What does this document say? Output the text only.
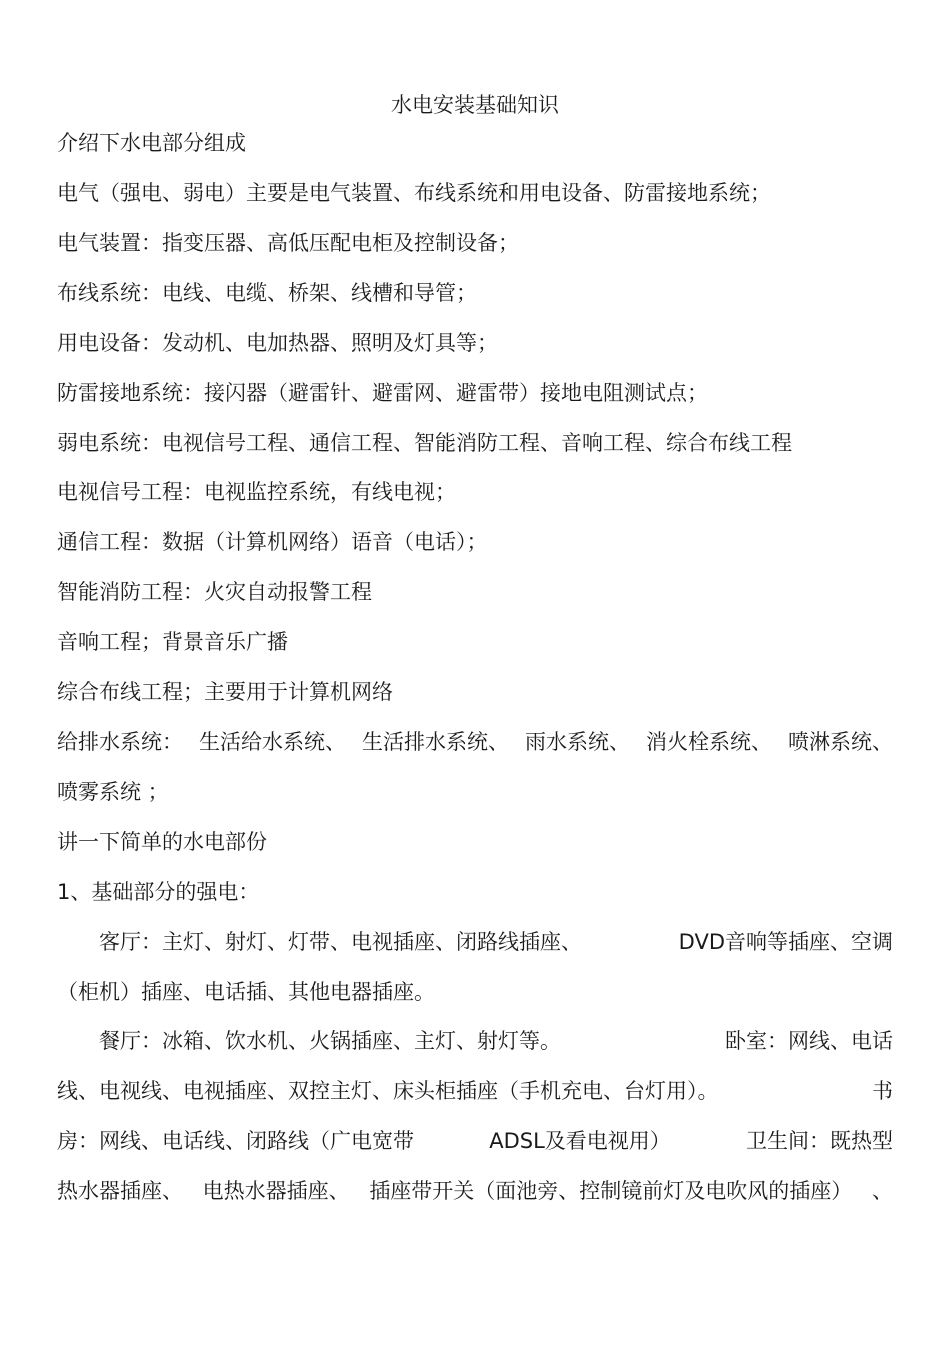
水电安装基础知识
介绍下水电部分组成
电气（强电、弱电）主要是电气装置、布线系统和用电设备、防雷接地系统；
电气装置：指变压器、高低压配电柜及控制设备；
布线系统：电线、电缆、桥架、线槽和导管；
用电设备：发动机、电加热器、照明及灯具等；
防雷接地系统：接闪器（避雷针、避雷网、避雷带）接地电阻测试点；
弱电系统：电视信号工程、通信工程、智能消防工程、音响工程、综合布线工程
电视信号工程：电视监控系统，有线电视；
通信工程：数据（计算机网络）语音（电话）；
智能消防工程：火灾自动报警工程
音响工程；背景音乐广播
综合布线工程；主要用于计算机网络
给排水系统： 生活给水系统、 生活排水系统、 雨水系统、 消火栓系统、 喷淋系统、
喷雾系统 ；
讲一下简单的水电部份
1、基础部分的强电：
　　客厅：主灯、射灯、灯带、电视插座、闭路线插座、	DVD音响等插座、空调
（柜机）插座、电话插、其他电器插座。
　　餐厅：冰箱、饮水机、火锅插座、主灯、射灯等。	卧室：网线、电话
线、电视线、电视插座、双控主灯、床头柜插座（手机充电、台灯用）。	书
房：网线、电话线、闭路线（广电宽带	ADSL及看电视用）	卫生间：既热型
热水器插座、 电热水器插座、 插座带开关（面池旁、控制镜前灯及电吹风的插座） 、
